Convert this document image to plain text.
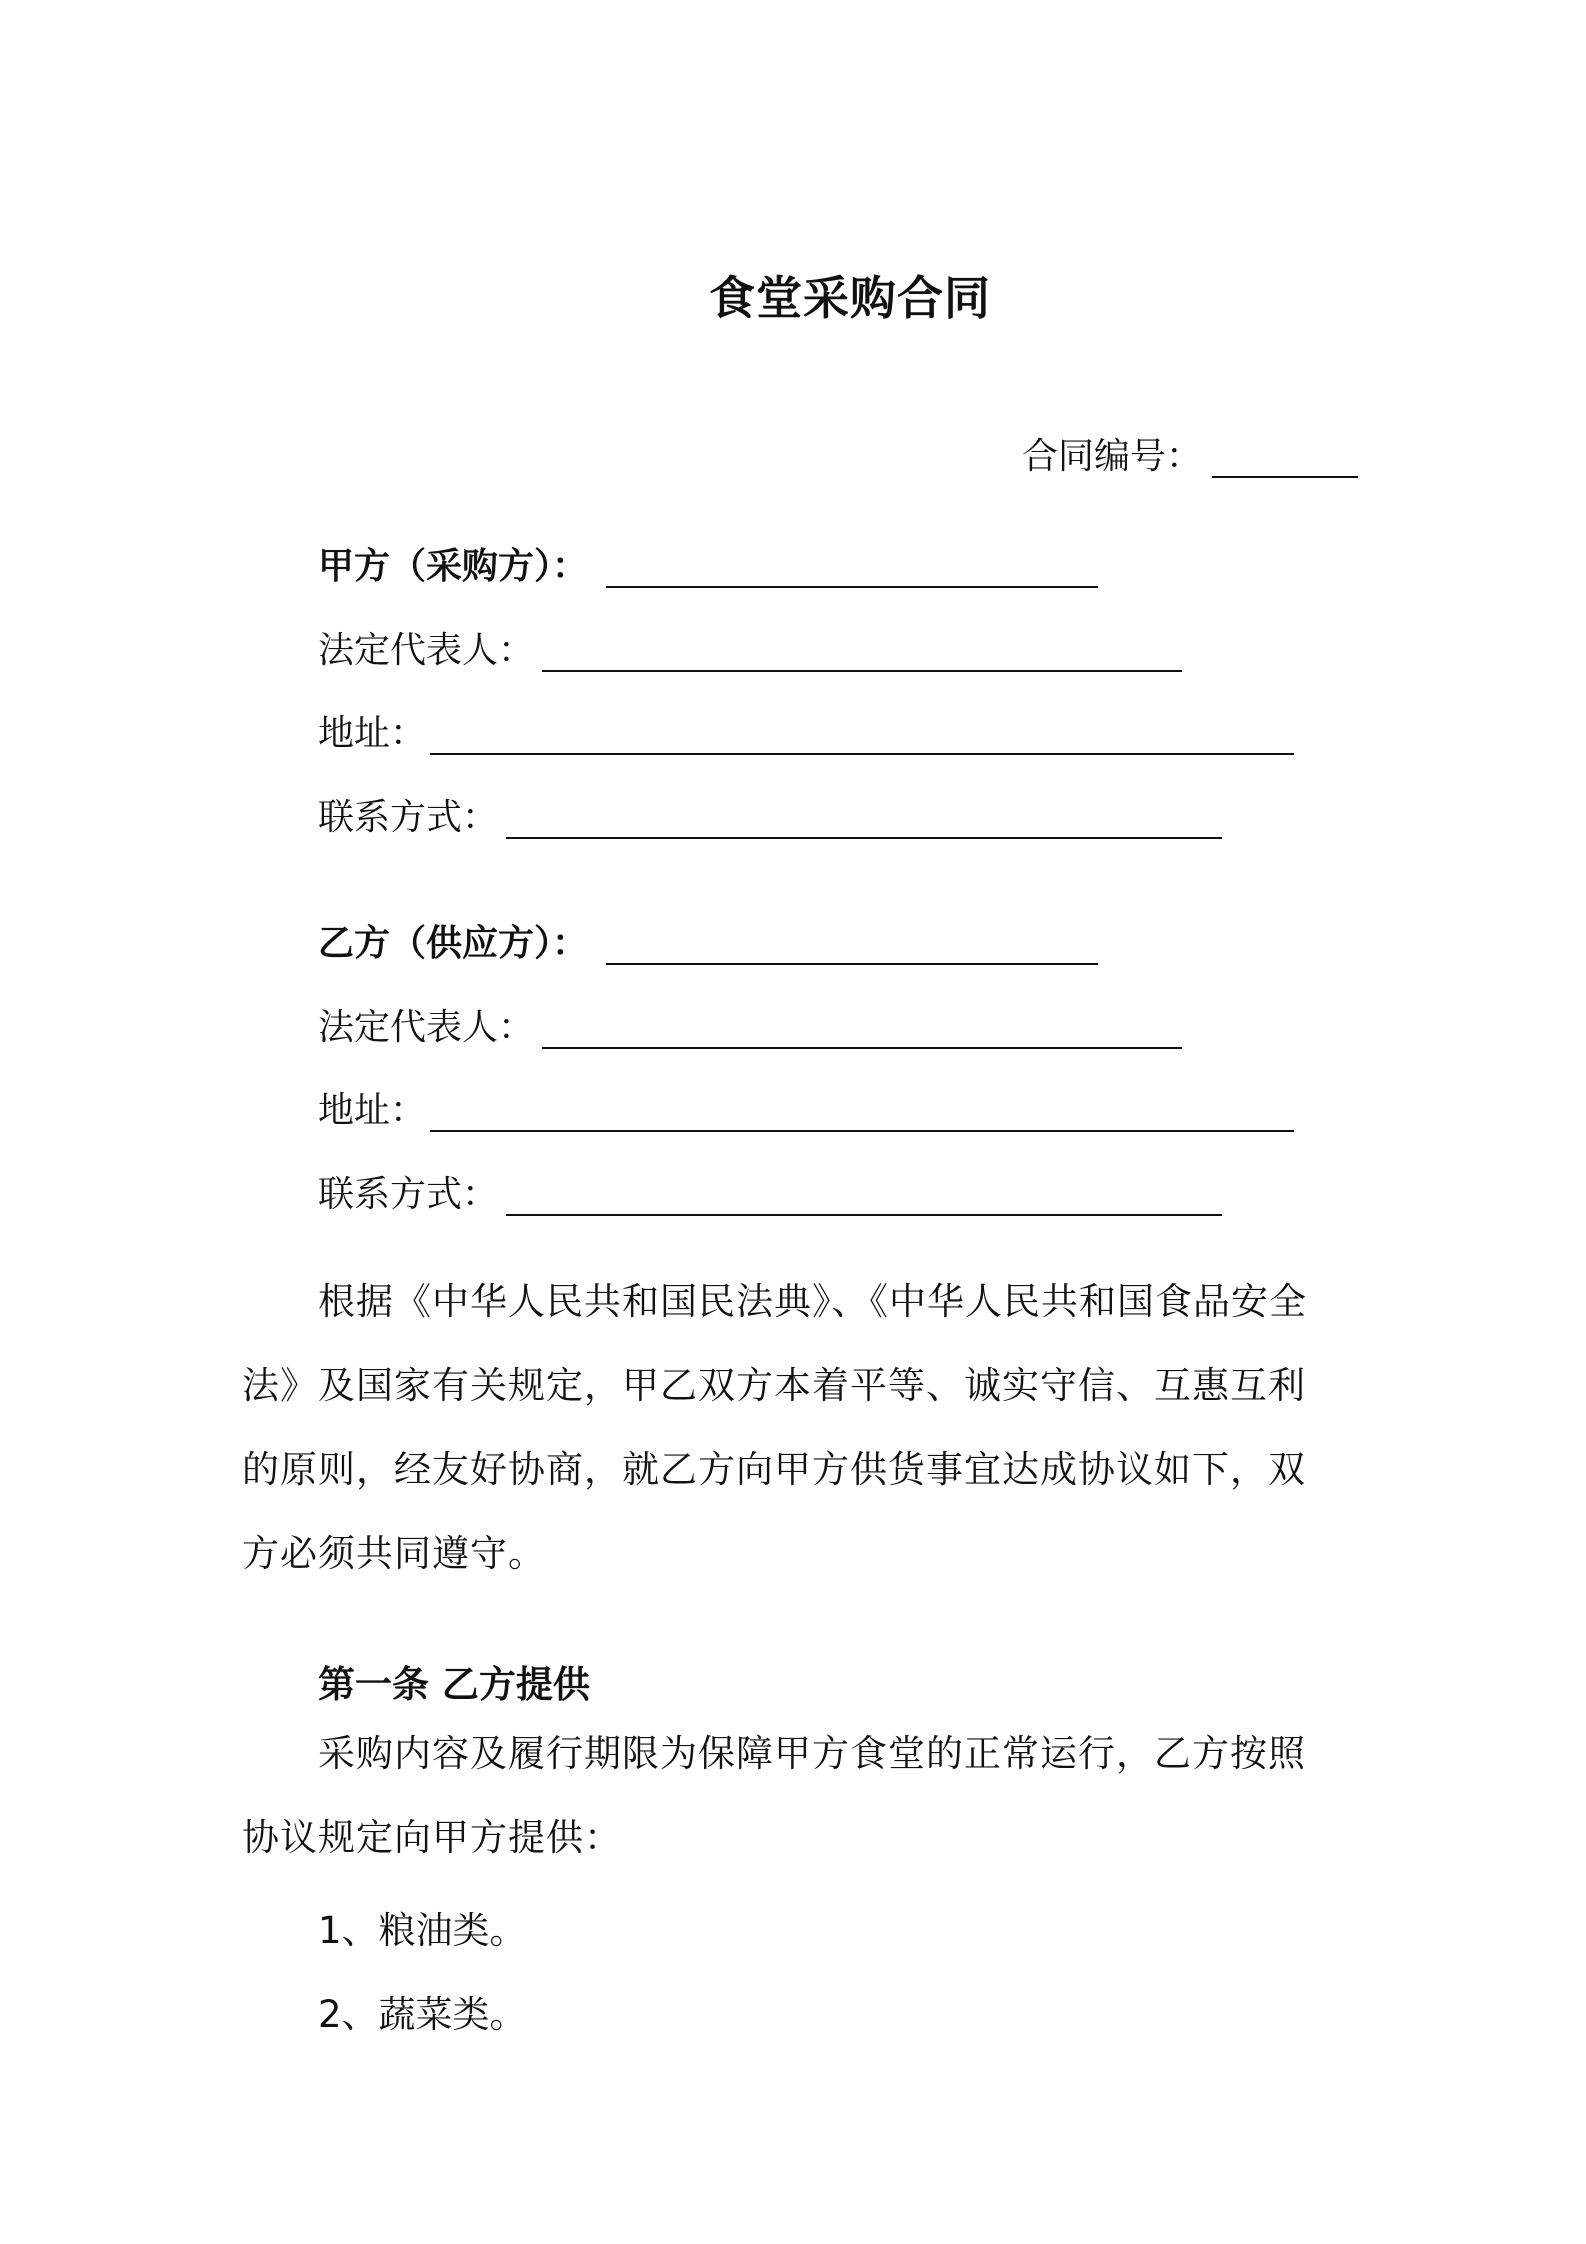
食堂采购合同
合同编号：
甲方（采购方）：
法定代表人：
地址：
联系方式：
乙方（供应方）：
法定代表人：
地址：
联系方式：
根据《中华人民共和国民法典》、《中华人民共和国食品安全法》及国家有关规定，甲乙双方本着平等、诚实守信、互惠互利的原则，经友好协商，就乙方向甲方供货事宜达成协议如下，双方必须共同遵守。
第一条 乙方提供
采购内容及履行期限为保障甲方食堂的正常运行，乙方按照协议规定向甲方提供：
1、粮油类。
2、蔬菜类。
